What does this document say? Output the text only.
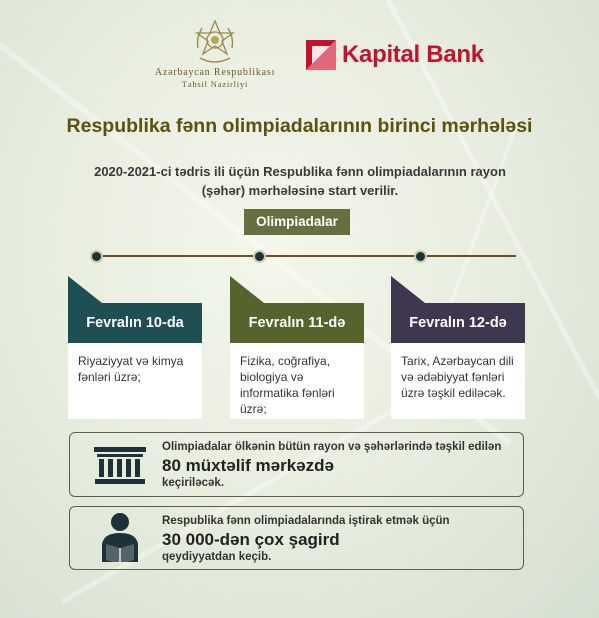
Azərbaycan Respublikası
Təhsil Nazirliyi
Kapital Bank
Respublika fənn olimpiadalarının birinci mərhələsi
2020-2021-ci tədris ili üçün Respublika fənn olimpiadalarının rayon (şəhər) mərhələsinə start verilir.
Olimpiadalar
Fevralın 10-da
Riyaziyyat və kimya fənləri üzrə;
Fevralın 11-də
Fizika, coğrafiya, biologiya və informatika fənləri üzrə;
Fevralın 12-də
Tarix, Azərbaycan dili və ədəbiyyat fənləri üzrə təşkil ediləcək.
Olimpiadalar ölkənin bütün rayon və şəhərlərində təşkil edilən
80 müxtəlif mərkəzdə
keçiriləcək.
Respublika fənn olimpiadalarında iştirak etmək üçün
30 000-dən çox şagird
qeydiyyatdan keçib.
